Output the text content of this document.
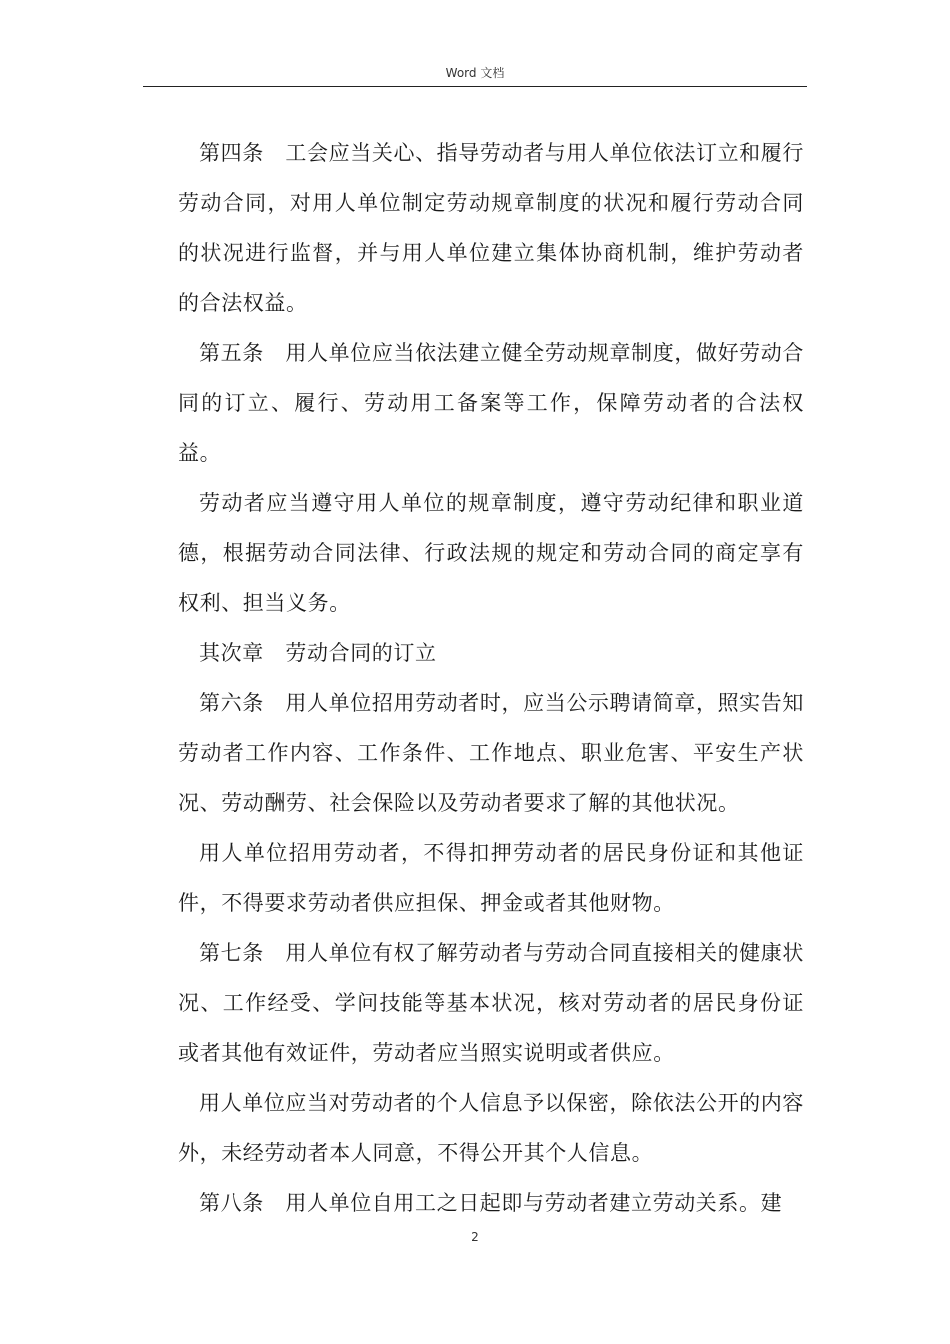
Word 文档

第四条　工会应当关心、指导劳动者与用人单位依法订立和履行劳动合同，对用人单位制定劳动规章制度的状况和履行劳动合同的状况进行监督，并与用人单位建立集体协商机制，维护劳动者的合法权益。

第五条　用人单位应当依法建立健全劳动规章制度，做好劳动合同的订立、履行、劳动用工备案等工作，保障劳动者的合法权益。

劳动者应当遵守用人单位的规章制度，遵守劳动纪律和职业道德，根据劳动合同法律、行政法规的规定和劳动合同的商定享有权利、担当义务。

其次章　劳动合同的订立

第六条　用人单位招用劳动者时，应当公示聘请简章，照实告知劳动者工作内容、工作条件、工作地点、职业危害、平安生产状况、劳动酬劳、社会保险以及劳动者要求了解的其他状况。

用人单位招用劳动者，不得扣押劳动者的居民身份证和其他证件，不得要求劳动者供应担保、押金或者其他财物。

第七条　用人单位有权了解劳动者与劳动合同直接相关的健康状况、工作经受、学问技能等基本状况，核对劳动者的居民身份证或者其他有效证件，劳动者应当照实说明或者供应。

用人单位应当对劳动者的个人信息予以保密，除依法公开的内容外，未经劳动者本人同意，不得公开其个人信息。

第八条　用人单位自用工之日起即与劳动者建立劳动关系。建

2
